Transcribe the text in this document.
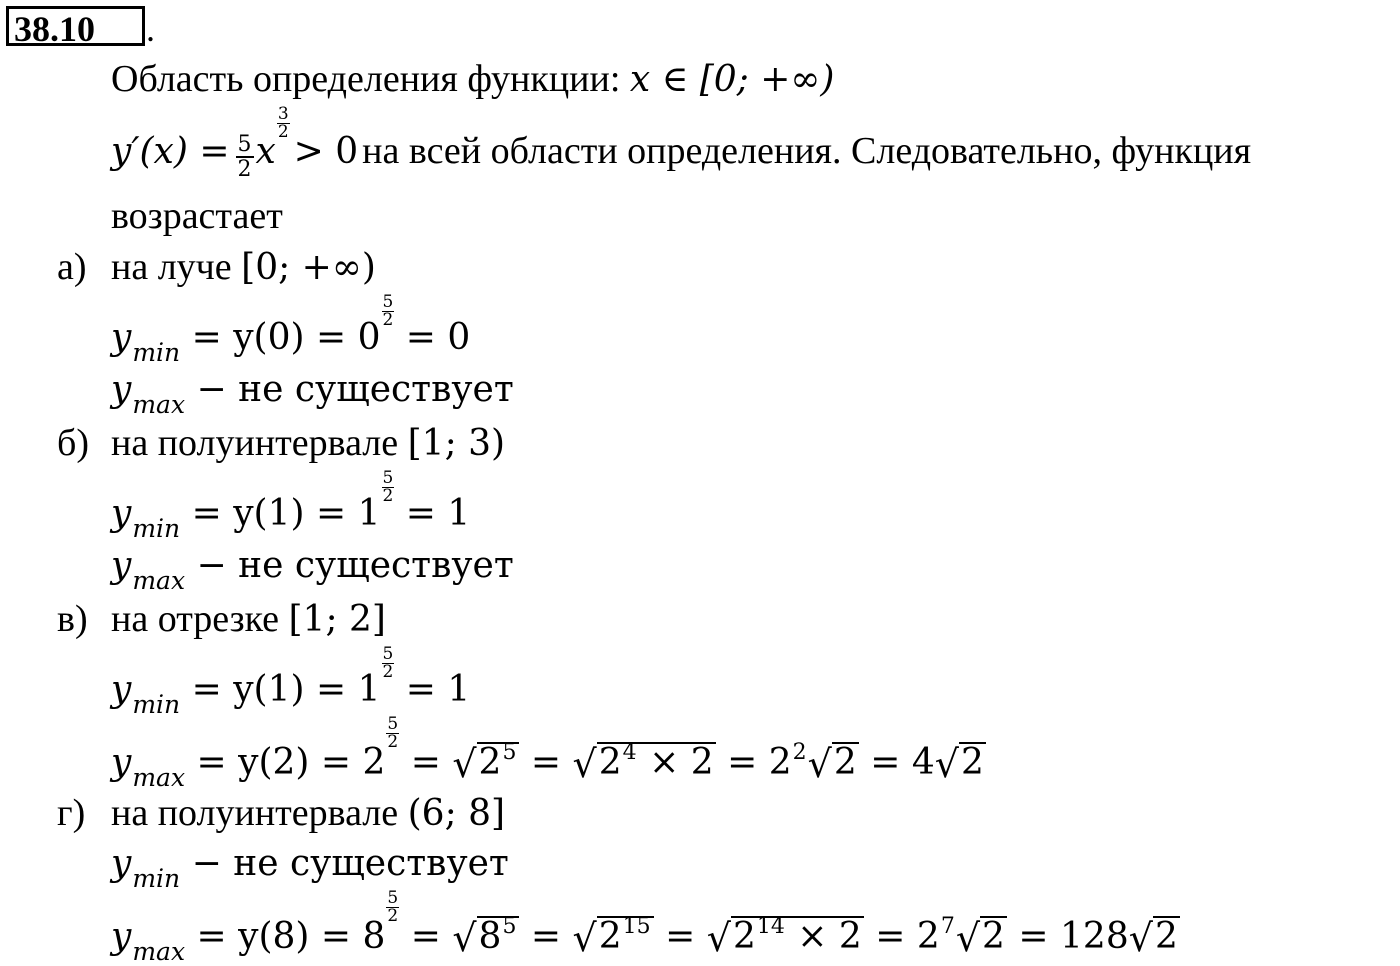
38.10 .
Область определения функции: x ∈ [0; +∞)
$y'(x) = \frac{5}{2}$ x
$\frac{3}{2}$
> 0 на всей области определения. Следовательно, функция
возрастает
а) на луче [0; +∞)
$y_{min} = y(0) = 0$
$\frac{5}{2}$
= 0
$y_{max}$ − не существует
б) на полуинтервале [1; 3)
$y_{min} = y(1) = 1$
$\frac{5}{2}$
= 1
$y_{max}$ − не существует
в) на отрезке [1; 2]
$y_{min} = y(1) = 1$
$\frac{5}{2}$
= 1
$y_{max} = y(2) = 2$
$\frac{5}{2}$
= $√2^5 = √2^4 \times 2 = 2^2√2 = 4√2$
г) на полуинтервале (6; 8]
$y_{min}$ − не существует
$y_{max} = y(8) = 8$
$\frac{5}{2}$
= $√8^5 = √2^{15} = √2^{14} \times 2 = 2^7√2 = 128√2$
